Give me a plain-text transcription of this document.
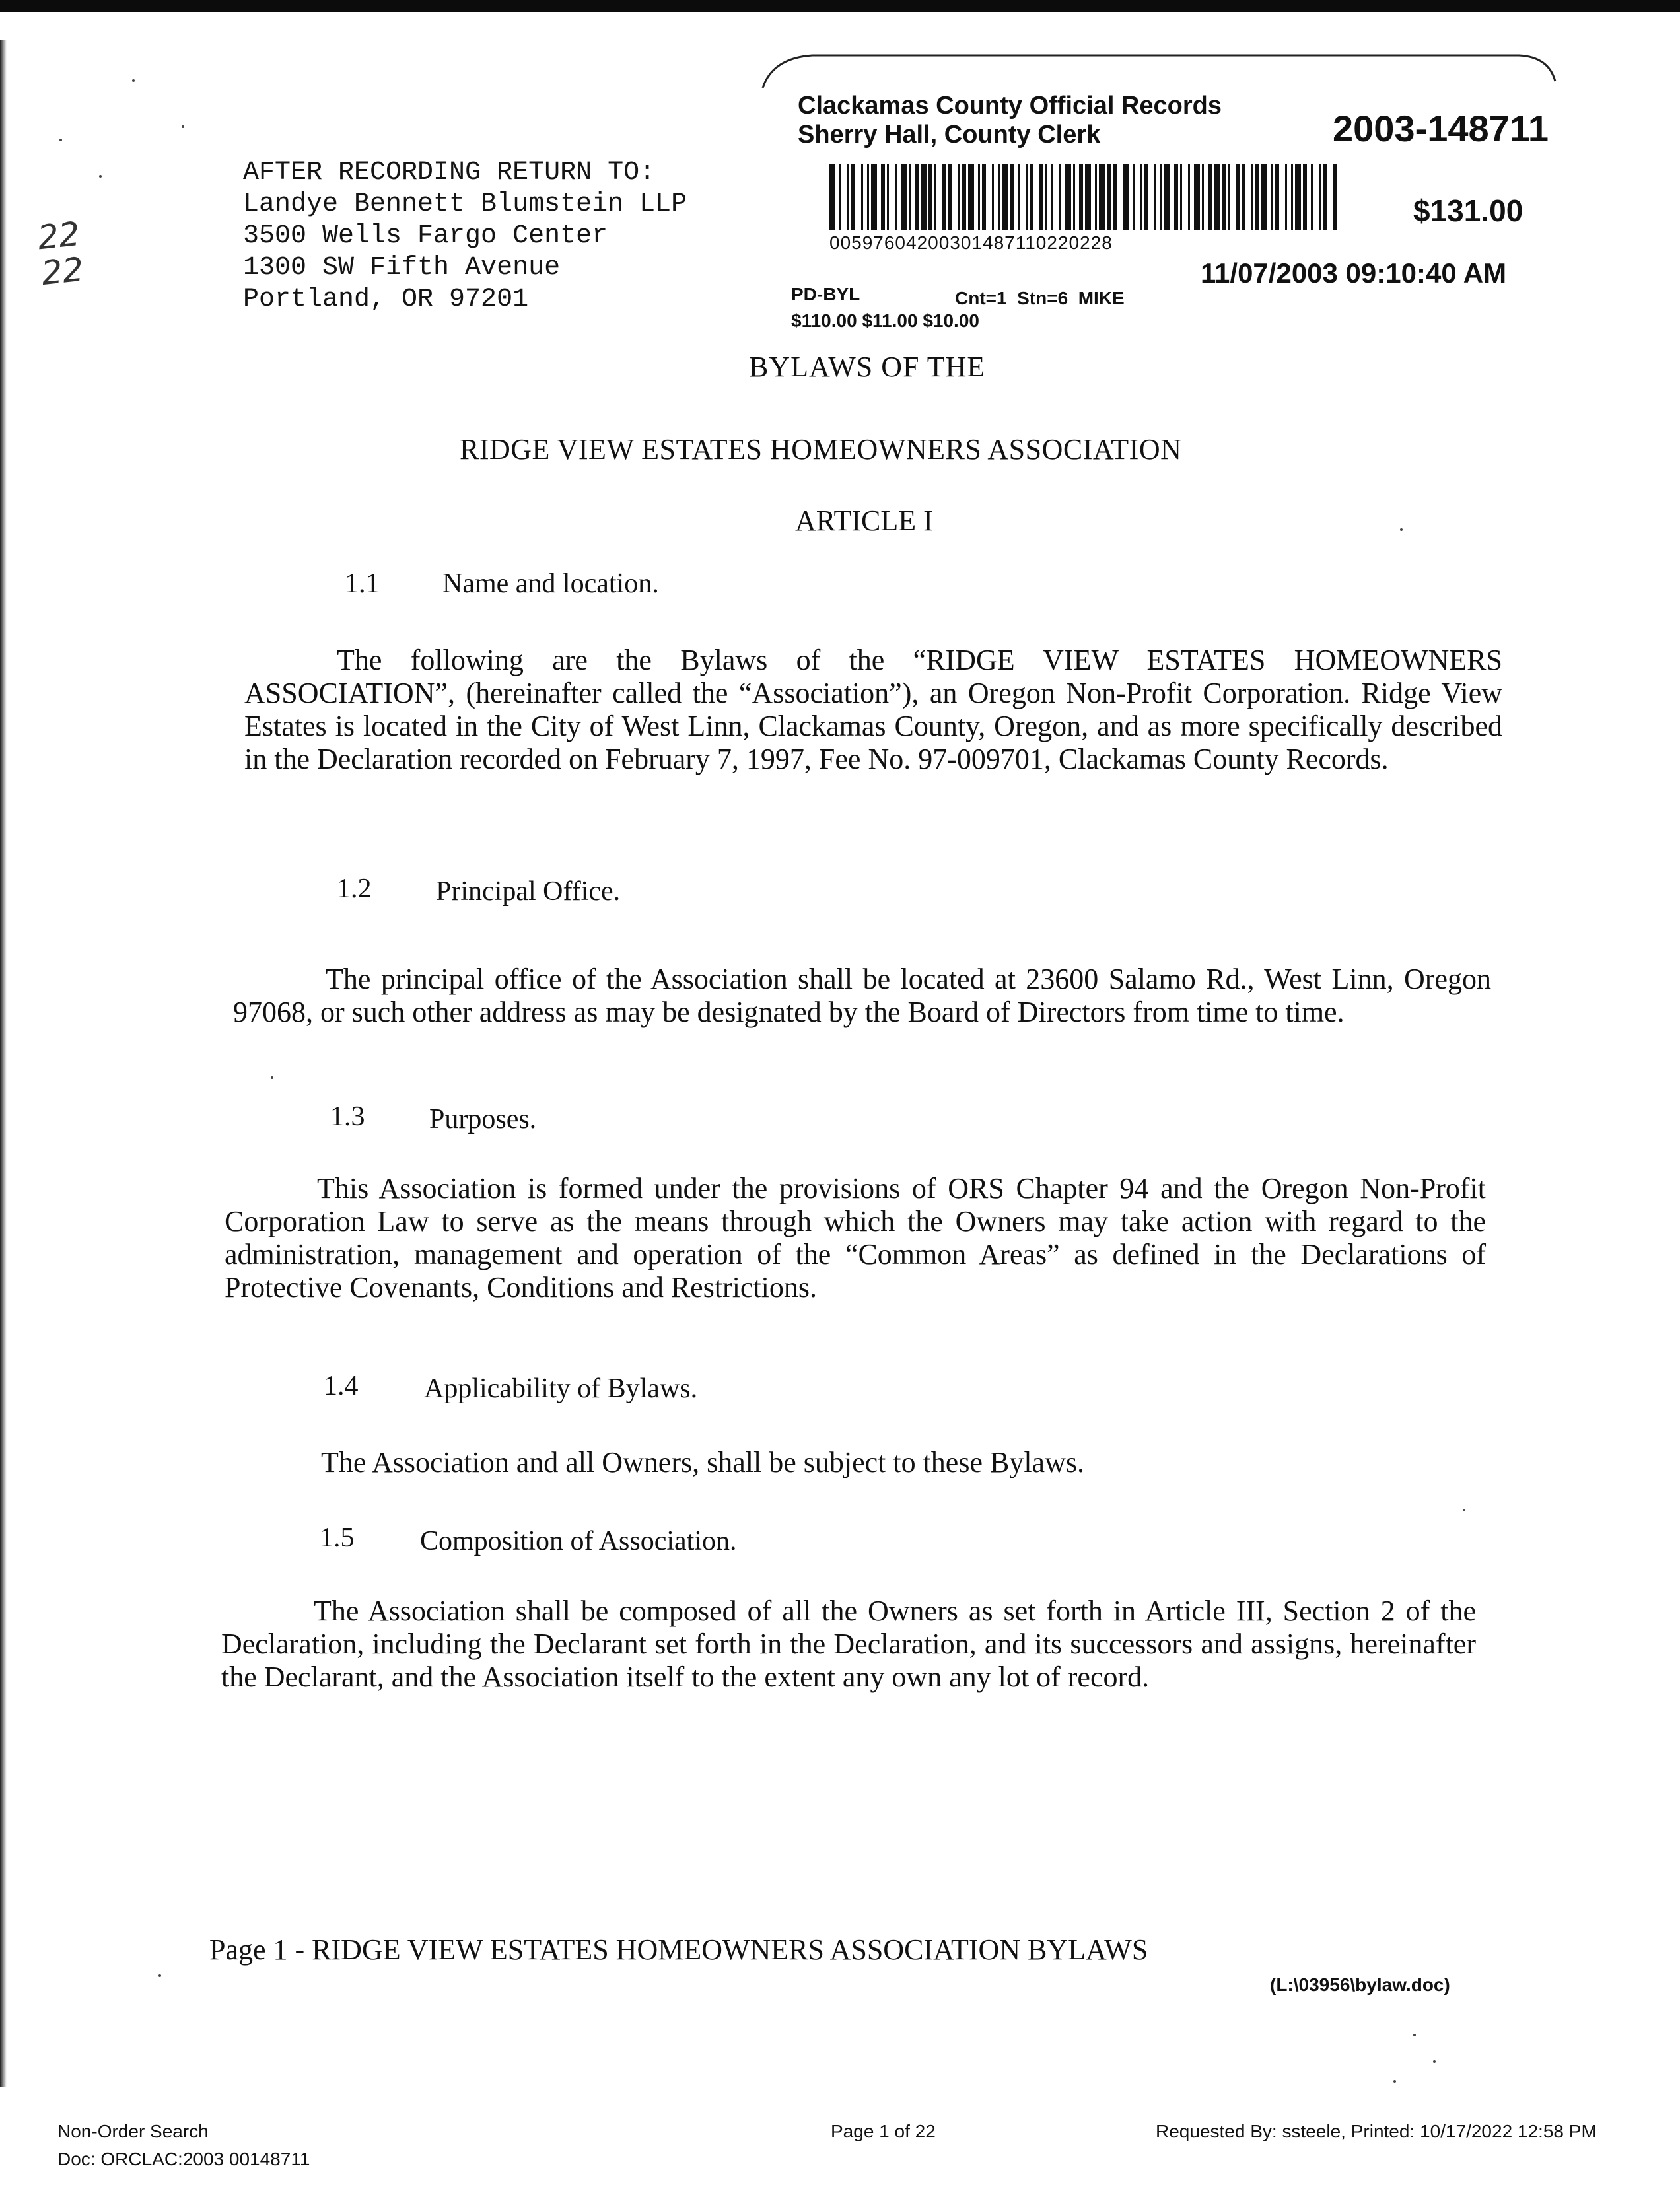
AFTER RECORDING RETURN TO:
Landye Bennett Blumstein LLP
3500 Wells Fargo Center
1300 SW Fifth Avenue
Portland, OR 97201
22
22
Clackamas County Official Records
Sherry Hall, County Clerk	2003-148711
00597604200301487110220228
$131.00
11/07/2003 09:10:40 AM
PD-BYL	Cnt=1  Stn=6  MIKE
$110.00 $11.00 $10.00
BYLAWS OF THE
RIDGE VIEW ESTATES HOMEOWNERS ASSOCIATION
ARTICLE I
1.1 Name and location.
The following are the Bylaws of the “RIDGE VIEW ESTATES HOMEOWNERS ASSOCIATION”, (hereinafter called the “Association”), an Oregon Non-Profit Corporation. Ridge View Estates is located in the City of West Linn, Clackamas County, Oregon, and as more specifically described in the Declaration recorded on February 7, 1997, Fee No. 97-009701, Clackamas County Records.
1.2 Principal Office.
The principal office of the Association shall be located at 23600 Salamo Rd., West Linn, Oregon 97068, or such other address as may be designated by the Board of Directors from time to time.
1.3 Purposes.
This Association is formed under the provisions of ORS Chapter 94 and the Oregon Non-Profit Corporation Law to serve as the means through which the Owners may take action with regard to the administration, management and operation of the “Common Areas” as defined in the Declarations of Protective Covenants, Conditions and Restrictions.
1.4 Applicability of Bylaws.
The Association and all Owners, shall be subject to these Bylaws.
1.5 Composition of Association.
The Association shall be composed of all the Owners as set forth in Article III, Section 2 of the Declaration, including the Declarant set forth in the Declaration, and its successors and assigns, hereinafter the Declarant, and the Association itself to the extent any own any lot of record.
Page 1 - RIDGE VIEW ESTATES HOMEOWNERS ASSOCIATION BYLAWS
(L:\03956\bylaw.doc)
Non-Order Search
Doc: ORCLAC:2003 00148711
Page 1 of 22	Requested By: ssteele, Printed: 10/17/2022 12:58 PM
